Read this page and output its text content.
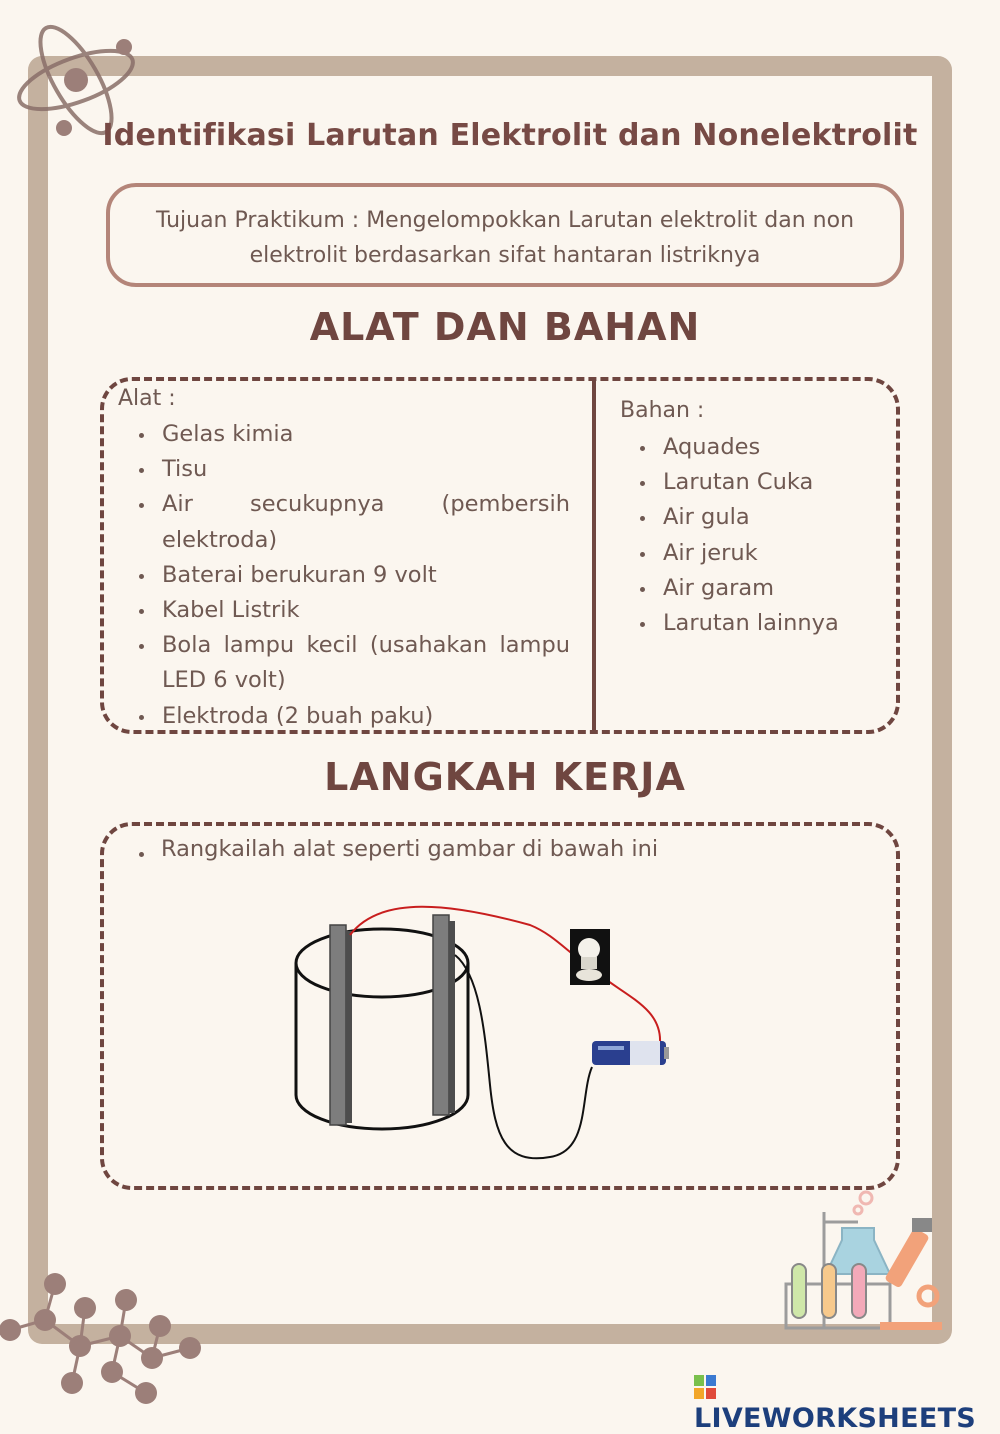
Identifikasi Larutan Elektrolit dan Nonelektrolit
Tujuan Praktikum : Mengelompokkan Larutan elektrolit dan non
elektrolit berdasarkan sifat hantaran listriknya
ALAT DAN BAHAN
Alat :
Gelas kimia
Tisu
Air secukupnya (pembersih elektroda)
Baterai berukuran 9 volt
Kabel Listrik
Bola lampu kecil (usahakan lampu LED 6 volt)
Elektroda (2 buah paku)
Bahan :
Aquades
Larutan Cuka
Air gula
Air jeruk
Air garam
Larutan lainnya
LANGKAH KERJA
Rangkailah alat seperti gambar di bawah ini
LIVEWORKSHEETS
